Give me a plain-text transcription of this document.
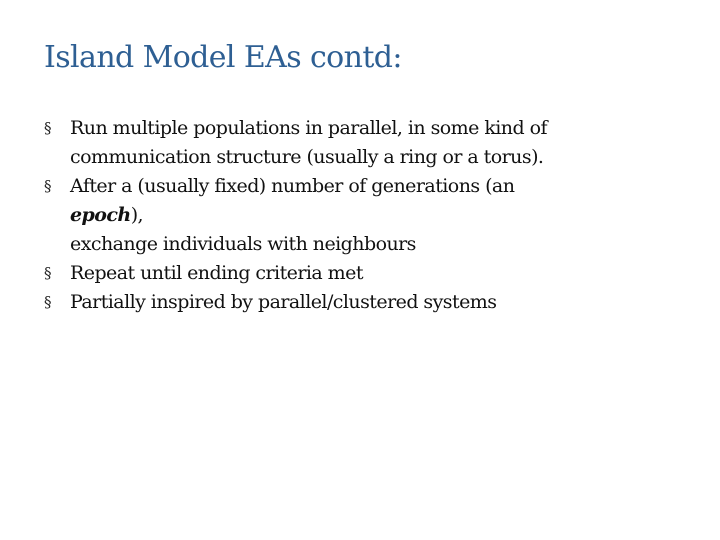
Island Model EAs contd:
§ Run multiple populations in parallel, in some kind of
communication structure (usually a ring or a torus).
§ After a (usually fixed) number of generations (an
epoch),
exchange individuals with neighbours
§ Repeat until ending criteria met
§ Partially inspired by parallel/clustered systems
